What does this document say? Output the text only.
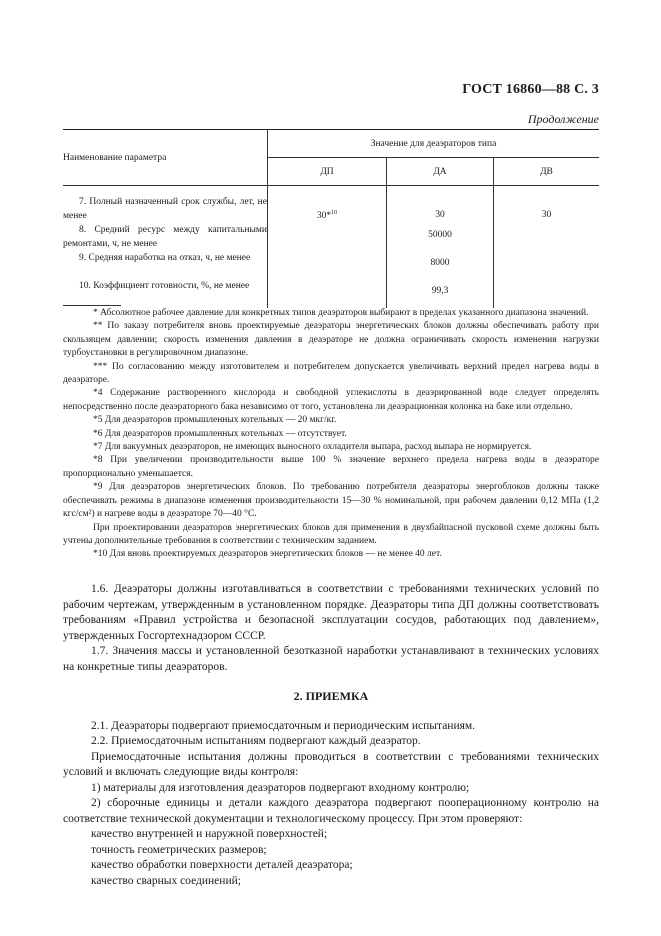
ГОСТ 16860—88 С. 3
Продолжение
Наименование параметра	Значение для деаэраторов типа		
	ДП	ДА	ДВ

7. Полный назначенный срок службы, лет, не менее	30*$^{10}$	30	30

8. Средний ресурс между капитальными ремонтами, ч, не менее		50000	

9. Средняя наработка на отказ, ч, не менее		8000	

10. Коэффициент готовности, %, не менее		99,3	

* Абсолютное рабочее давление для конкретных типов деаэраторов выбирают в пределах указанного диапазона значений.

** По заказу потребителя вновь проектируемые деаэраторы энергетических блоков должны обеспечивать работу при скользящем давлении; скорость изменения давления в деаэраторе не должна ограничивать скорость изменения нагрузки турбоустановки в регулировочном диапазоне.

*** По согласованию между изготовителем и потребителем допускается увеличивать верхний предел нагрева воды в деаэраторе.

*4 Содержание растворенного кислорода и свободной углекислоты в деаэрированной воде следует определять непосредственно после деаэраторного бака независимо от того, установлена ли деаэрационная колонка на баке или отдельно.

*5 Для деаэраторов промышленных котельных — 20 мкг/кг.

*6 Для деаэраторов промышленных котельных — отсутствует.

*7 Для вакуумных деаэраторов, не имеющих выносного охладителя выпара, расход выпара не нормируется.

*8 При увеличении производительности выше 100 % значение верхнего предела нагрева воды в деаэраторе пропорционально уменьшается.

*9 Для деаэраторов энергетических блоков. По требованию потребителя деаэраторы энергоблоков должны также обеспечивать режимы в диапазоне изменения производительности 15—30 % номинальной, при рабочем давлении 0,12 МПа (1,2 кгс/см²) и нагреве воды в деаэраторе 70—40 °С.

При проектировании деаэраторов энергетических блоков для применения в двухбайпасной пусковой схеме должны быть учтены дополнительные требования в соответствии с техническим заданием.

*10 Для вновь проектируемых деаэраторов энергетических блоков — не менее 40 лет.

1.6. Деаэраторы должны изготавливаться в соответствии с требованиями технических условий по рабочим чертежам, утвержденным в установленном порядке. Деаэраторы типа ДП должны соответствовать требованиям «Правил устройства и безопасной эксплуатации сосудов, работающих под давлением», утвержденных Госгортехнадзором СССР.

1.7. Значения массы и установленной безотказной наработки устанавливают в технических условиях на конкретные типы деаэраторов.

2. ПРИЕМКА

2.1. Деаэраторы подвергают приемосдаточным и периодическим испытаниям.

2.2. Приемосдаточным испытаниям подвергают каждый деаэратор.

Приемосдаточные испытания должны проводиться в соответствии с требованиями технических условий и включать следующие виды контроля:

1) материалы для изготовления деаэраторов подвергают входному контролю;

2) сборочные единицы и детали каждого деаэратора подвергают пооперационному контролю на соответствие технической документации и технологическому процессу. При этом проверяют:

качество внутренней и наружной поверхностей;

точность геометрических размеров;

качество обработки поверхности деталей деаэратора;

качество сварных соединений;
